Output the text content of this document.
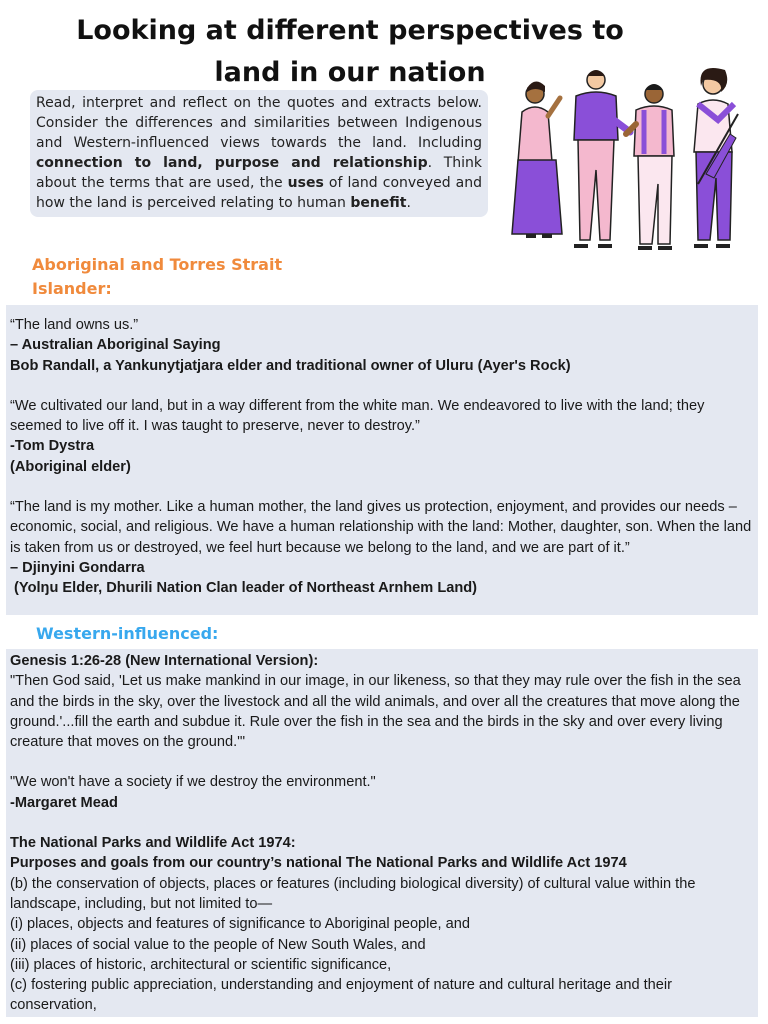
Looking at different perspectives to
land in our nation
Read, interpret and reflect on the quotes and extracts below. Consider the differences and similarities between Indigenous and Western-influenced views towards the land. Including connection to land, purpose and relationship. Think about the terms that are used, the uses of land conveyed and how the land is perceived relating to human benefit.
Aboriginal and Torres Strait Islander:

“The land owns us.”

– Australian Aboriginal Saying

Bob Randall, a Yankunytjatjara elder and traditional owner of Uluru (Ayer's Rock)

“We cultivated our land, but in a way different from the white man. We endeavored to live with the land; they seemed to live off it. I was taught to preserve, never to destroy.”

-Tom Dystra

(Aboriginal elder)

“The land is my mother. Like a human mother, the land gives us protection, enjoyment, and provides our needs – economic, social, and religious. We have a human relationship with the land: Mother, daughter, son. When the land is taken from us or destroyed, we feel hurt because we belong to the land, and we are part of it.”

– Djinyini Gondarra

(Yolŋu Elder, Dhurili Nation Clan leader of Northeast Arnhem Land)

Western-influenced:

Genesis 1:26-28 (New International Version):

"Then God said, 'Let us make mankind in our image, in our likeness, so that they may rule over the fish in the sea and the birds in the sky, over the livestock and all the wild animals, and over all the creatures that move along the ground.'...fill the earth and subdue it. Rule over the fish in the sea and the birds in the sky and over every living creature that moves on the ground.'"

"We won't have a society if we destroy the environment."

-Margaret Mead

The National Parks and Wildlife Act 1974:

Purposes and goals from our country’s national The National Parks and Wildlife Act 1974

(b) the conservation of objects, places or features (including biological diversity) of cultural value within the landscape, including, but not limited to—

(i) places, objects and features of significance to Aboriginal people, and

(ii) places of social value to the people of New South Wales, and

(iii) places of historic, architectural or scientific significance,

(c) fostering public appreciation, understanding and enjoyment of nature and cultural heritage and their conservation,
